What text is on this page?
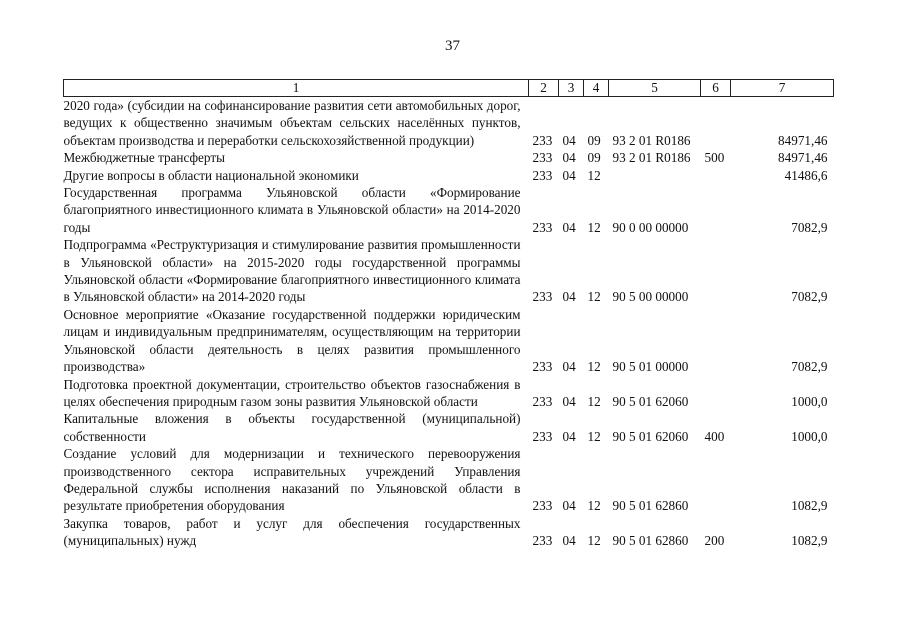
37
1	2	3	4	5	6	7
2020 года» (субсидии на софинансирование развития сети автомобильных дорог, ведущих к общественно значимым объектам сельских населённых пунктов, объектам производства и переработки сельскохозяйственной продукции)	233	04	09	93 2 01 R0186		84971,46
Межбюджетные трансферты	233	04	09	93 2 01 R0186	500	84971,46
Другие вопросы в области национальной экономики	233	04	12			41486,6
Государственная программа Ульяновской области «Формирование благоприятного инвестиционного климата в Ульяновской области» на 2014-2020 годы	233	04	12	90 0 00 00000		7082,9
Подпрограмма «Реструктуризация и стимулирование развития промышленности в Ульяновской области» на 2015-2020 годы государственной программы Ульяновской области «Формирование благоприятного инвестиционного климата в Ульяновской области» на 2014-2020 годы	233	04	12	90 5 00 00000		7082,9
Основное мероприятие «Оказание государственной поддержки юридическим лицам и индивидуальным предпринимателям, осуществляющим на территории Ульяновской области деятельность в целях развития промышленного производства»	233	04	12	90 5 01 00000		7082,9
Подготовка проектной документации, строительство объектов газоснабжения в целях обеспечения природным газом зоны развития Ульяновской области	233	04	12	90 5 01 62060		1000,0
Капитальные вложения в объекты государственной (муниципальной) собственности	233	04	12	90 5 01 62060	400	1000,0
Создание условий для модернизации и технического перевооружения производственного сектора исправительных учреждений Управления Федеральной службы исполнения наказаний по Ульяновской области в результате приобретения оборудования	233	04	12	90 5 01 62860		1082,9
Закупка товаров, работ и услуг для обеспечения государственных (муниципальных) нужд	233	04	12	90 5 01 62860	200	1082,9
